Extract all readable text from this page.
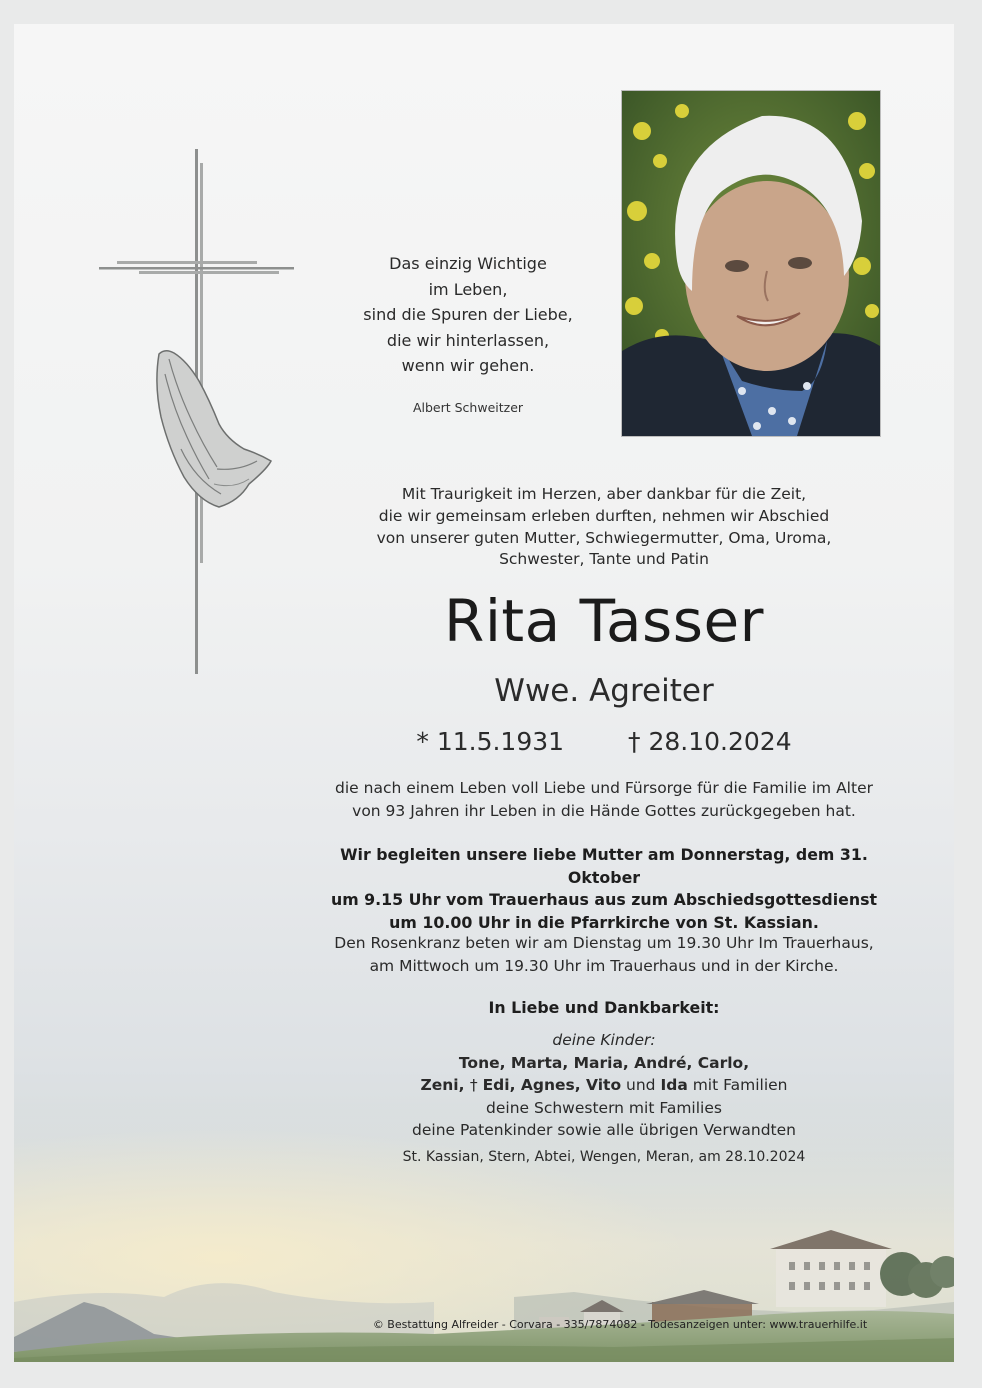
Das einzig Wichtige
im Leben,
sind die Spuren der Liebe,
die wir hinterlassen,
wenn wir gehen.
Albert Schweitzer
Mit Traurigkeit im Herzen, aber dankbar für die Zeit,
die wir gemeinsam erleben durften, nehmen wir Abschied
von unserer guten Mutter, Schwiegermutter, Oma, Uroma,
Schwester, Tante und Patin
Rita Tasser
Wwe. Agreiter
* 11.5.1931	† 28.10.2024
die nach einem Leben voll Liebe und Fürsorge für die Familie im Alter
von 93 Jahren ihr Leben in die Hände Gottes zurückgegeben hat.
Wir begleiten unsere liebe Mutter am Donnerstag, dem 31. Oktober
um 9.15 Uhr vom Trauerhaus aus zum Abschiedsgottesdienst
um 10.00 Uhr in die Pfarrkirche von St. Kassian.
Den Rosenkranz beten wir am Dienstag um 19.30 Uhr Im Trauerhaus,
am Mittwoch um 19.30 Uhr im Trauerhaus und in der Kirche.
In Liebe und Dankbarkeit:
deine Kinder:
Tone, Marta, Maria, André, Carlo,
Zeni, † Edi, Agnes, Vito und Ida mit Familien
deine Schwestern mit Families
deine Patenkinder sowie alle übrigen Verwandten
St. Kassian, Stern, Abtei, Wengen, Meran, am 28.10.2024
© Bestattung Alfreider - Corvara - 335/7874082 - Todesanzeigen unter: www.trauerhilfe.it
